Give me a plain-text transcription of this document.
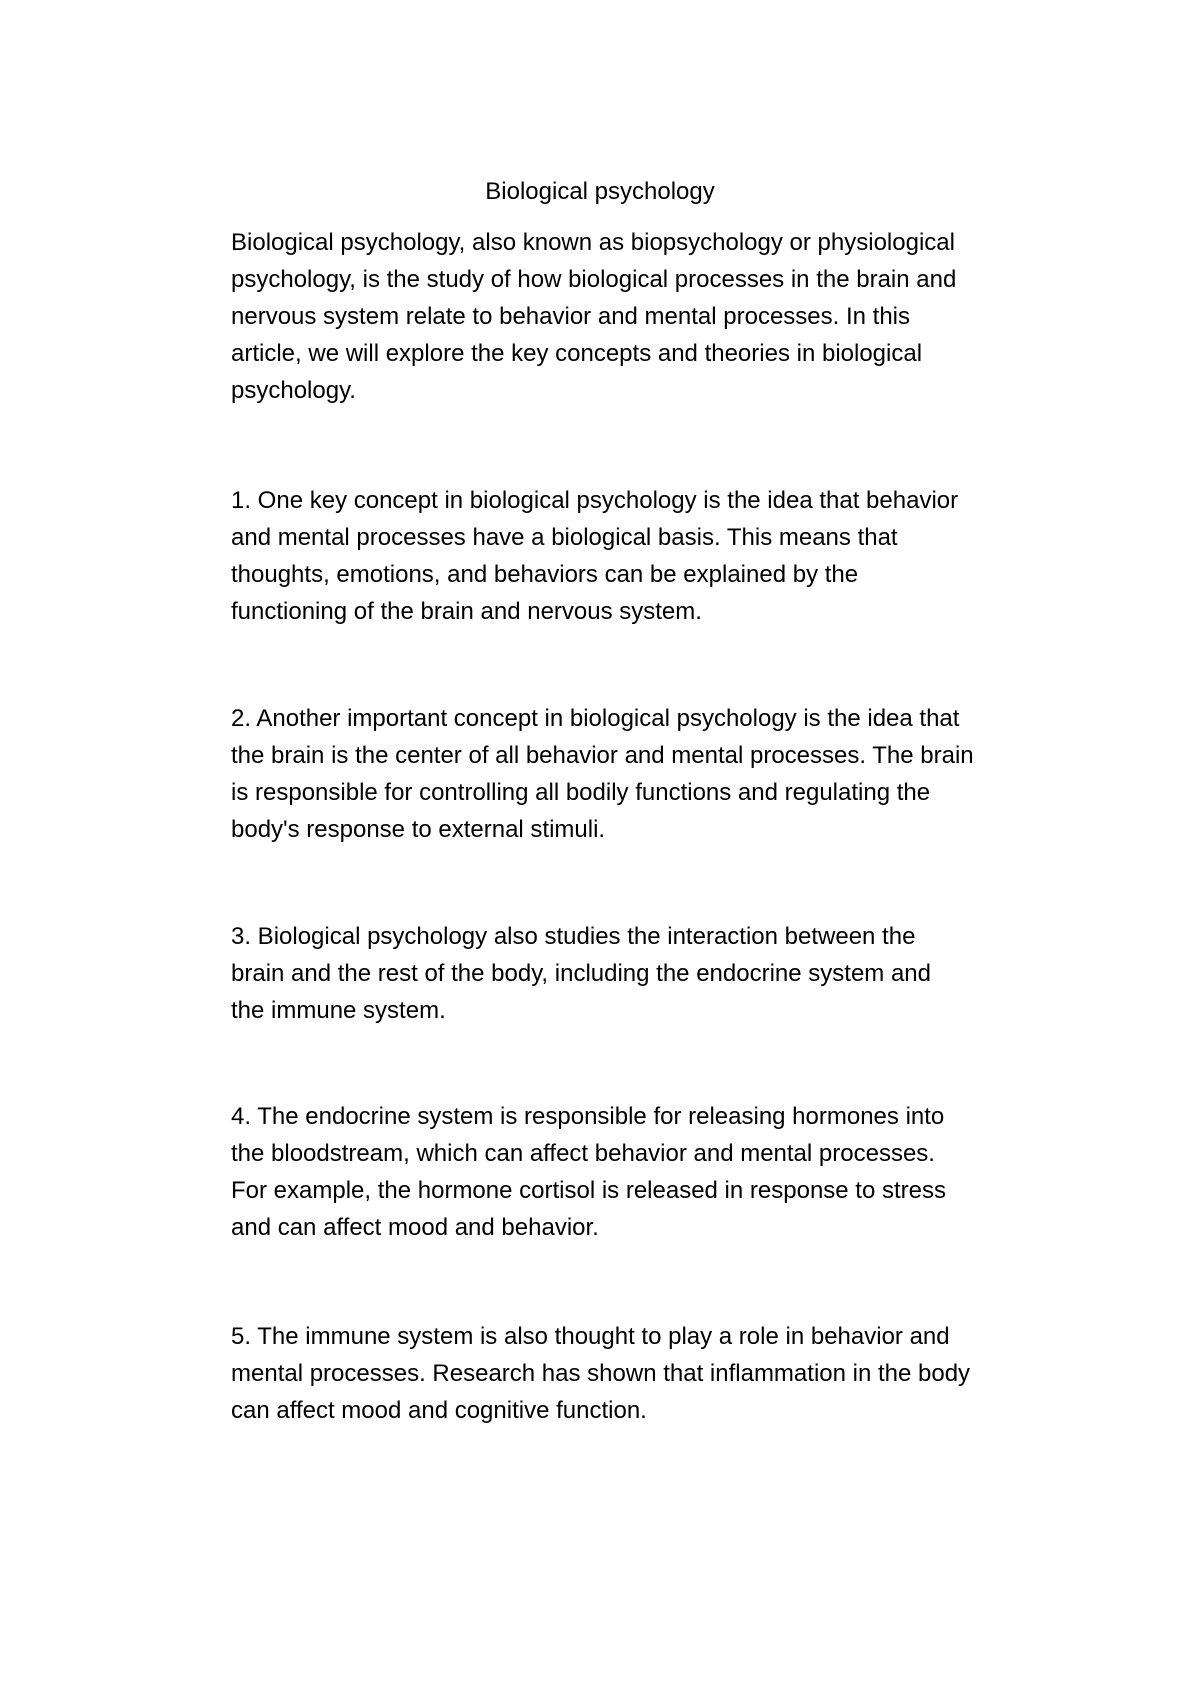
Biological psychology

Biological psychology, also known as biopsychology or physiological
psychology, is the study of how biological processes in the brain and
nervous system relate to behavior and mental processes. In this
article, we will explore the key concepts and theories in biological
psychology.

1. One key concept in biological psychology is the idea that behavior
and mental processes have a biological basis. This means that
thoughts, emotions, and behaviors can be explained by the
functioning of the brain and nervous system.

2. Another important concept in biological psychology is the idea that
the brain is the center of all behavior and mental processes. The brain
is responsible for controlling all bodily functions and regulating the
body's response to external stimuli.

3. Biological psychology also studies the interaction between the
brain and the rest of the body, including the endocrine system and
the immune system.

4. The endocrine system is responsible for releasing hormones into
the bloodstream, which can affect behavior and mental processes.
For example, the hormone cortisol is released in response to stress
and can affect mood and behavior.

5. The immune system is also thought to play a role in behavior and
mental processes. Research has shown that inflammation in the body
can affect mood and cognitive function.
